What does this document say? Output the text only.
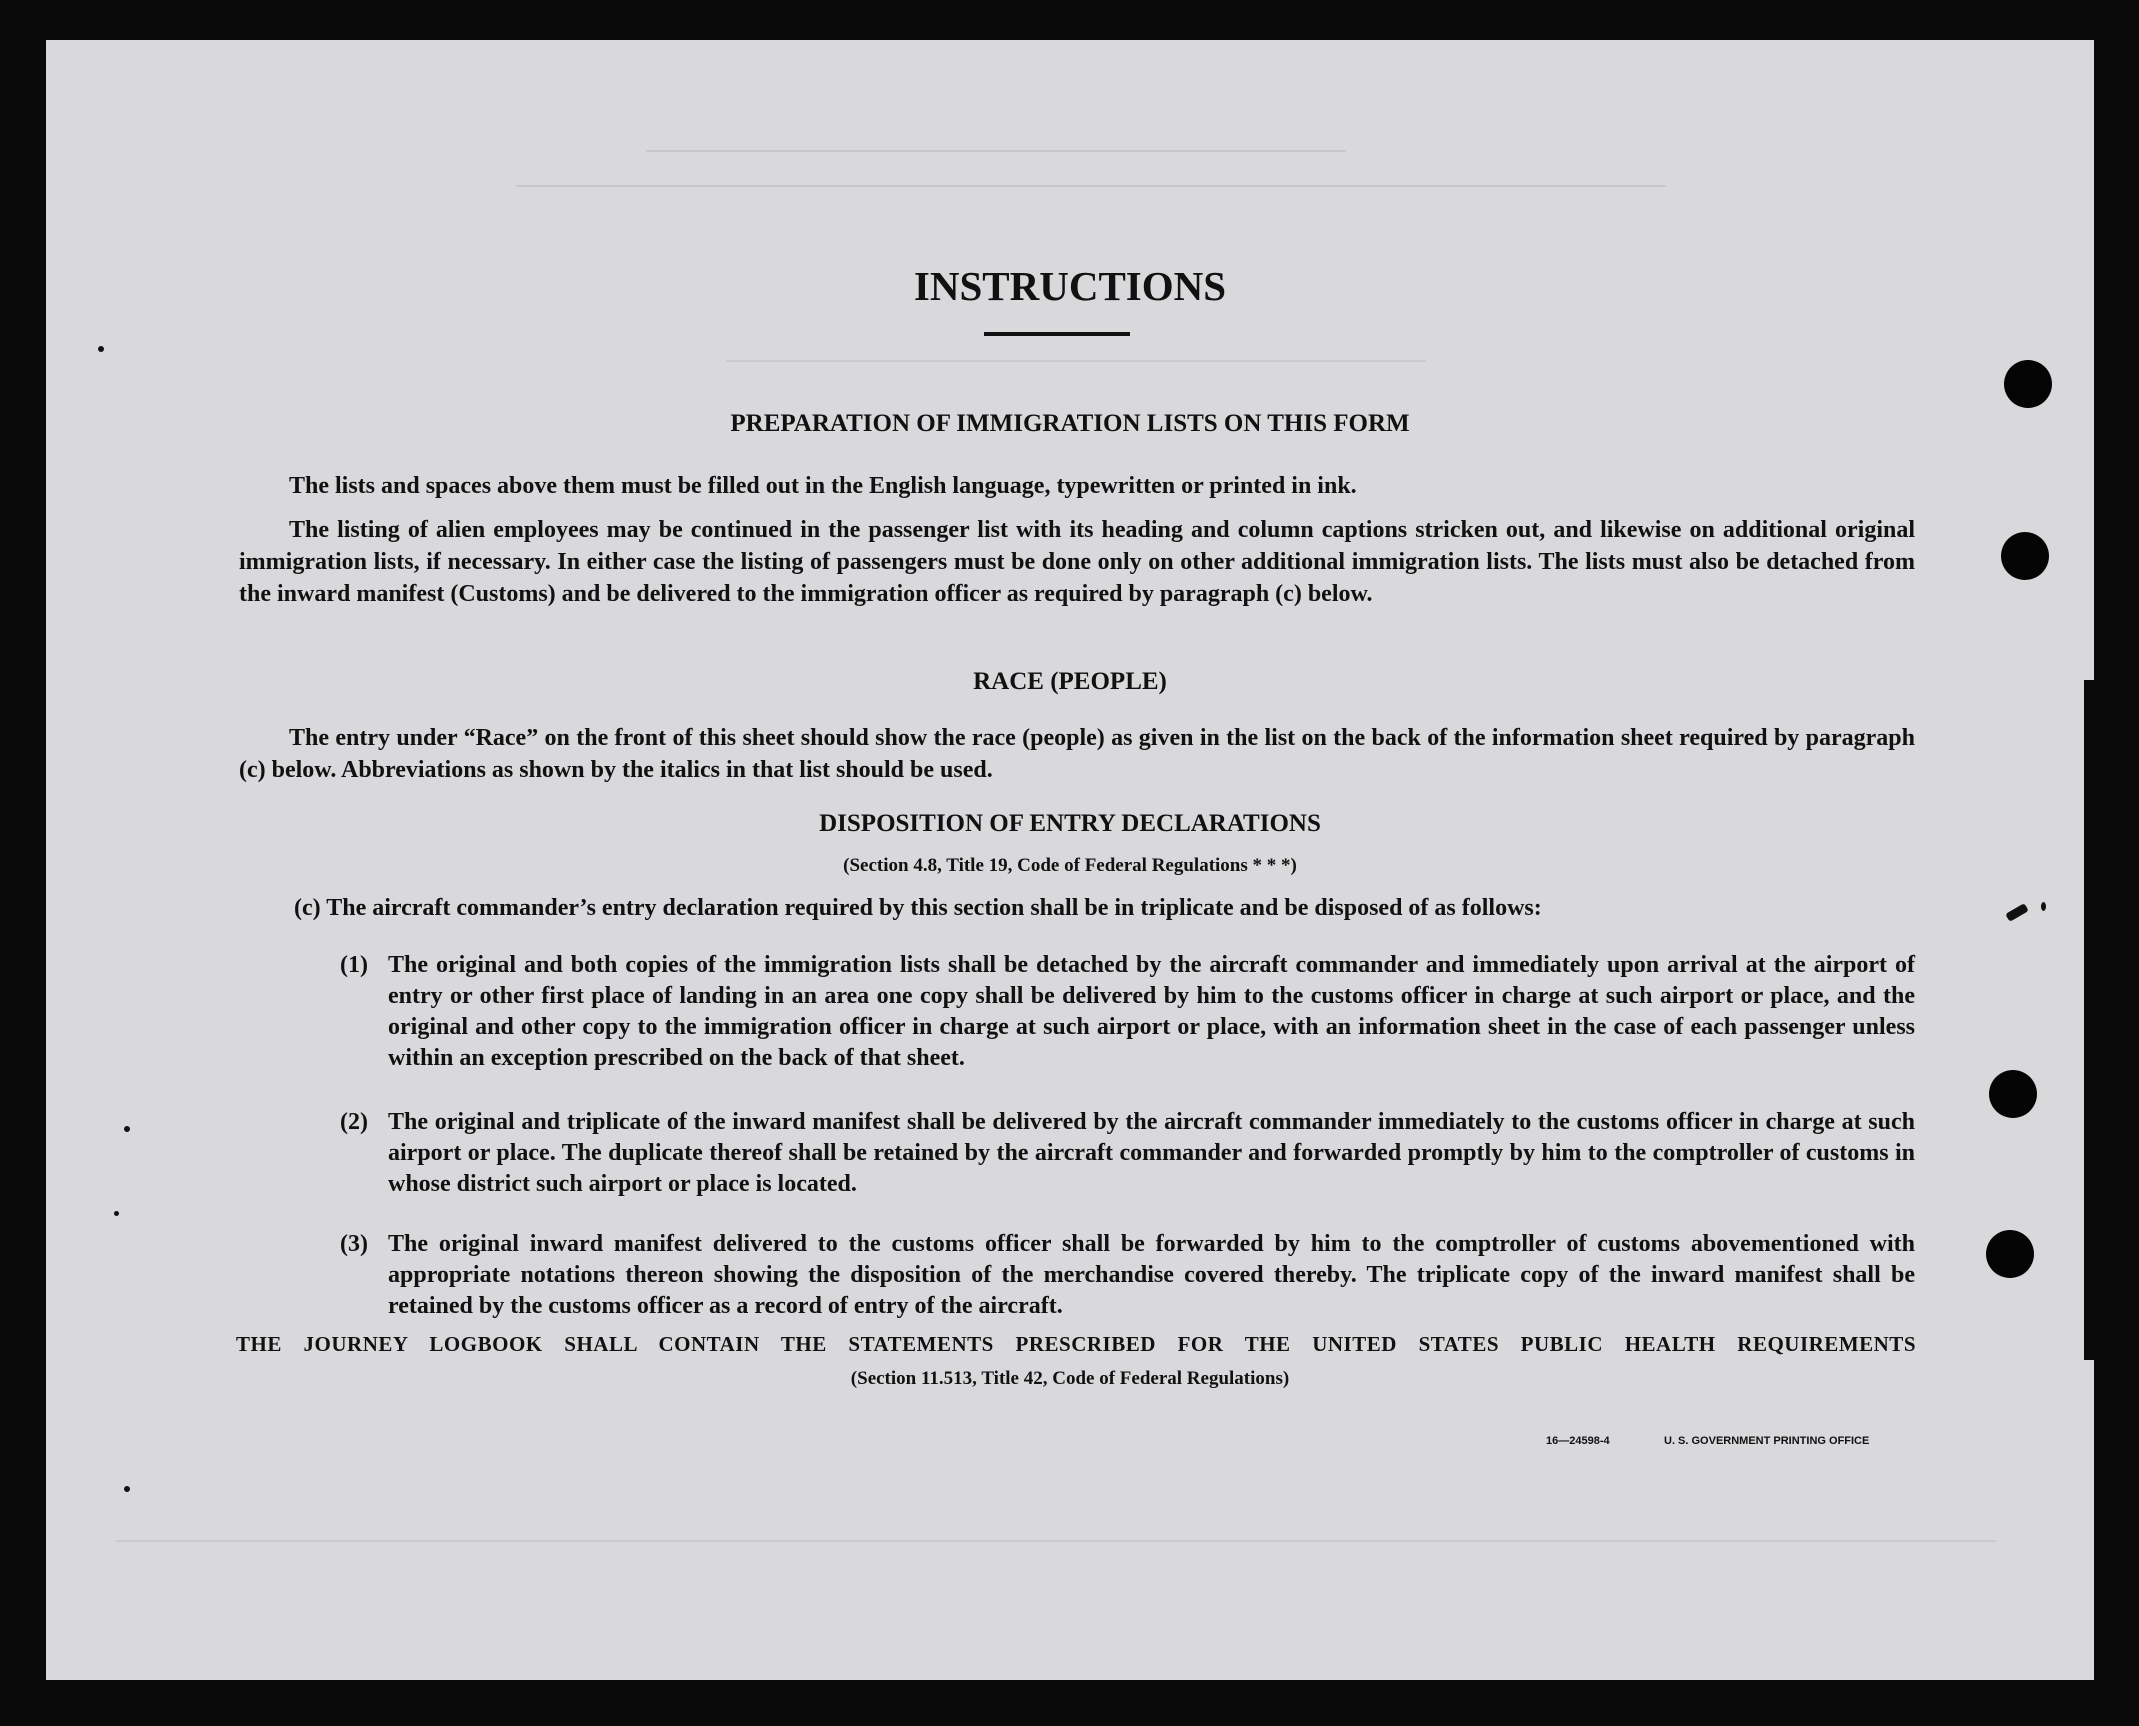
INSTRUCTIONS
PREPARATION OF IMMIGRATION LISTS ON THIS FORM
The lists and spaces above them must be filled out in the English language, typewritten or printed in ink.
The listing of alien employees may be continued in the passenger list with its heading and column captions stricken out, and likewise on additional original immigration lists, if necessary. In either case the listing of passengers must be done only on other additional immigration lists. The lists must also be detached from the inward manifest (Customs) and be delivered to the immigration officer as required by paragraph (c) below.
RACE (PEOPLE)
The entry under “Race” on the front of this sheet should show the race (people) as given in the list on the back of the information sheet required by paragraph (c) below. Abbreviations as shown by the italics in that list should be used.
DISPOSITION OF ENTRY DECLARATIONS
(Section 4.8, Title 19, Code of Federal Regulations * * *)
(c) The aircraft commander’s entry declaration required by this section shall be in triplicate and be disposed of as follows:
(1) The original and both copies of the immigration lists shall be detached by the aircraft commander and immediately upon arrival at the airport of entry or other first place of landing in an area one copy shall be delivered by him to the customs officer in charge at such airport or place, and the original and other copy to the immigration officer in charge at such airport or place, with an information sheet in the case of each passenger unless within an exception prescribed on the back of that sheet.
(2) The original and triplicate of the inward manifest shall be delivered by the aircraft commander immediately to the customs officer in charge at such airport or place. The duplicate thereof shall be retained by the aircraft commander and forwarded promptly by him to the comptroller of customs in whose district such airport or place is located.
(3) The original inward manifest delivered to the customs officer shall be forwarded by him to the comptroller of customs abovementioned with appropriate notations thereon showing the disposition of the merchandise covered thereby. The triplicate copy of the inward manifest shall be retained by the customs officer as a record of entry of the aircraft.
THE JOURNEY LOGBOOK SHALL CONTAIN THE STATEMENTS PRESCRIBED FOR THE UNITED STATES PUBLIC HEALTH REQUIREMENTS
(Section 11.513, Title 42, Code of Federal Regulations)
16—24598-4	U. S. GOVERNMENT PRINTING OFFICE
